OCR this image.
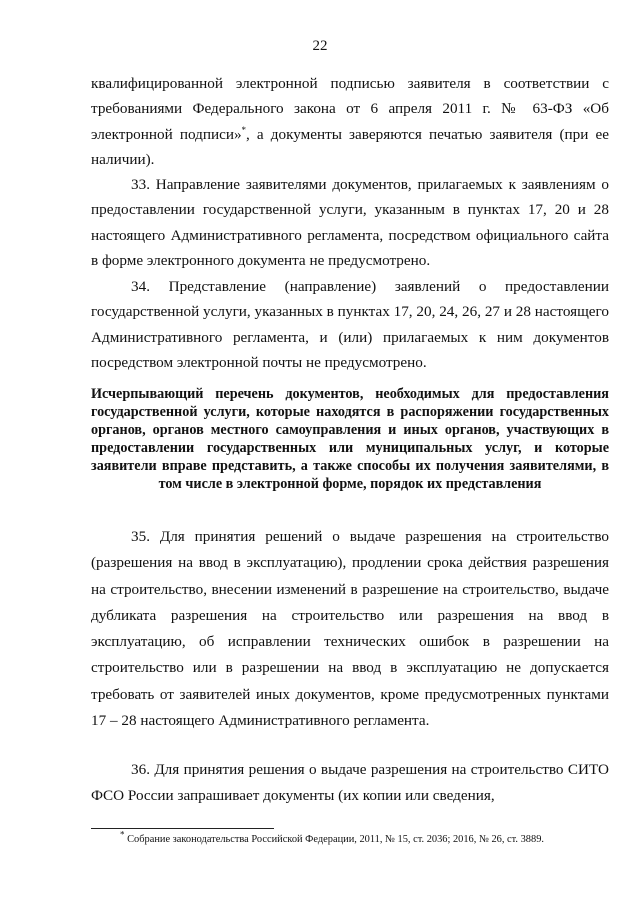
22

квалифицированной электронной подписью заявителя в соответствии с требованиями Федерального закона от 6 апреля 2011 г. № 63-ФЗ «Об электронной подписи»*, а документы заверяются печатью заявителя (при ее наличии).

33. Направление заявителями документов, прилагаемых к заявлениям о предоставлении государственной услуги, указанным в пунктах 17, 20 и 28 настоящего Административного регламента, посредством официального сайта в форме электронного документа не предусмотрено.

34. Представление (направление) заявлений о предоставлении государственной услуги, указанных в пунктах 17, 20, 24, 26, 27 и 28 настоящего Административного регламента, и (или) прилагаемых к ним документов посредством электронной почты не предусмотрено.

Исчерпывающий перечень документов, необходимых для предоставления государственной услуги, которые находятся в распоряжении государственных органов, органов местного самоуправления и иных органов, участвующих в предоставлении государственных или муниципальных услуг, и которые заявители вправе представить, а также способы их получения заявителями, в том числе в электронной форме, порядок их представления

35. Для принятия решений о выдаче разрешения на строительство (разрешения на ввод в эксплуатацию), продлении срока действия разрешения на строительство, внесении изменений в разрешение на строительство, выдаче дубликата разрешения на строительство или разрешения на ввод в эксплуатацию, об исправлении технических ошибок в разрешении на строительство или в разрешении на ввод в эксплуатацию не допускается требовать от заявителей иных документов, кроме предусмотренных пунктами 17 – 28 настоящего Административного регламента.

36. Для принятия решения о выдаче разрешения на строительство СИТО ФСО России запрашивает документы (их копии или сведения,

* Собрание законодательства Российской Федерации, 2011, № 15, ст. 2036; 2016, № 26, ст. 3889.
